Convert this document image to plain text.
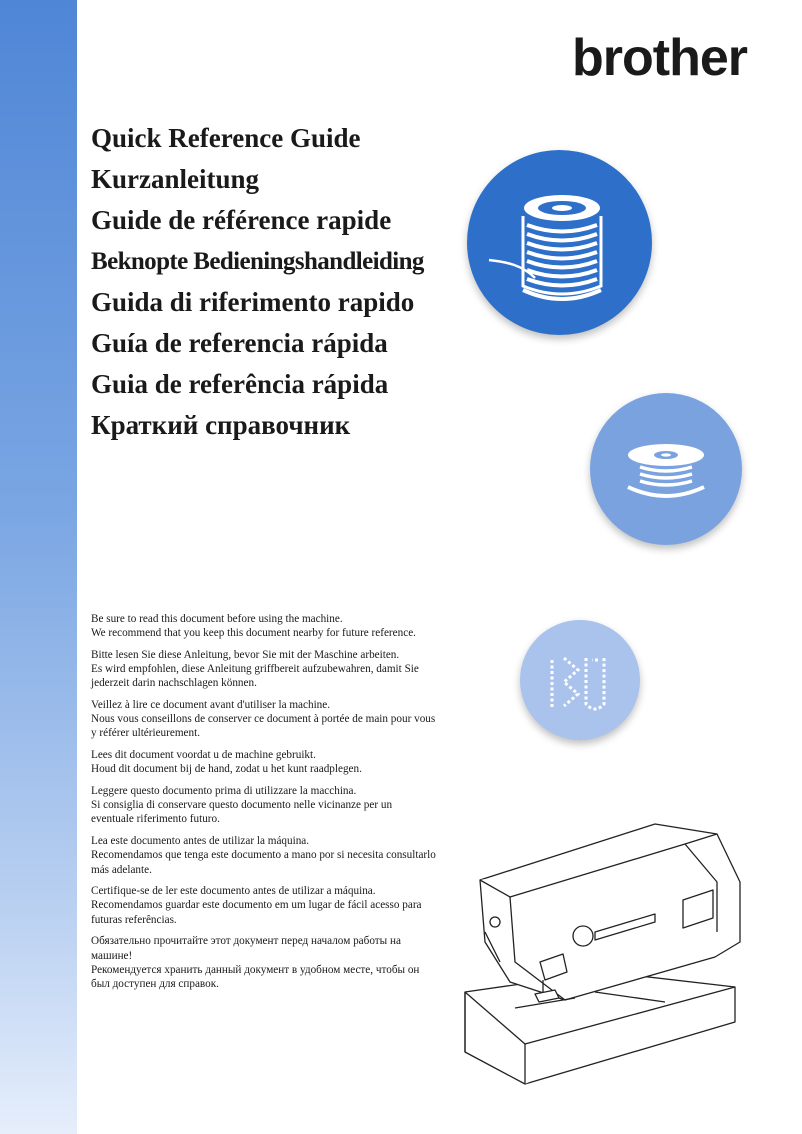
brother
Quick Reference Guide
Kurzanleitung
Guide de référence rapide
Beknopte Bedieningshandleiding
Guida di riferimento rapido
Guía de referencia rápida
Guia de referência rápida
Краткий справочник

Be sure to read this document before using the machine.
We recommend that you keep this document nearby for future reference.

Bitte lesen Sie diese Anleitung, bevor Sie mit der Maschine arbeiten.
Es wird empfohlen, diese Anleitung griffbereit aufzubewahren, damit Sie jederzeit darin nachschlagen können.

Veillez à lire ce document avant d'utiliser la machine.
Nous vous conseillons de conserver ce document à portée de main pour vous y référer ultérieurement.

Lees dit document voordat u de machine gebruikt.
Houd dit document bij de hand, zodat u het kunt raadplegen.

Leggere questo documento prima di utilizzare la macchina.
Si consiglia di conservare questo documento nelle vicinanze per un eventuale riferimento futuro.

Lea este documento antes de utilizar la máquina.
Recomendamos que tenga este documento a mano por si necesita consultarlo más adelante.

Certifique-se de ler este documento antes de utilizar a máquina.
Recomendamos guardar este documento em um lugar de fácil acesso para futuras referências.

Обязательно прочитайте этот документ перед началом работы на машине!
Рекомендуется хранить данный документ в удобном месте, чтобы он был доступен для справок.
